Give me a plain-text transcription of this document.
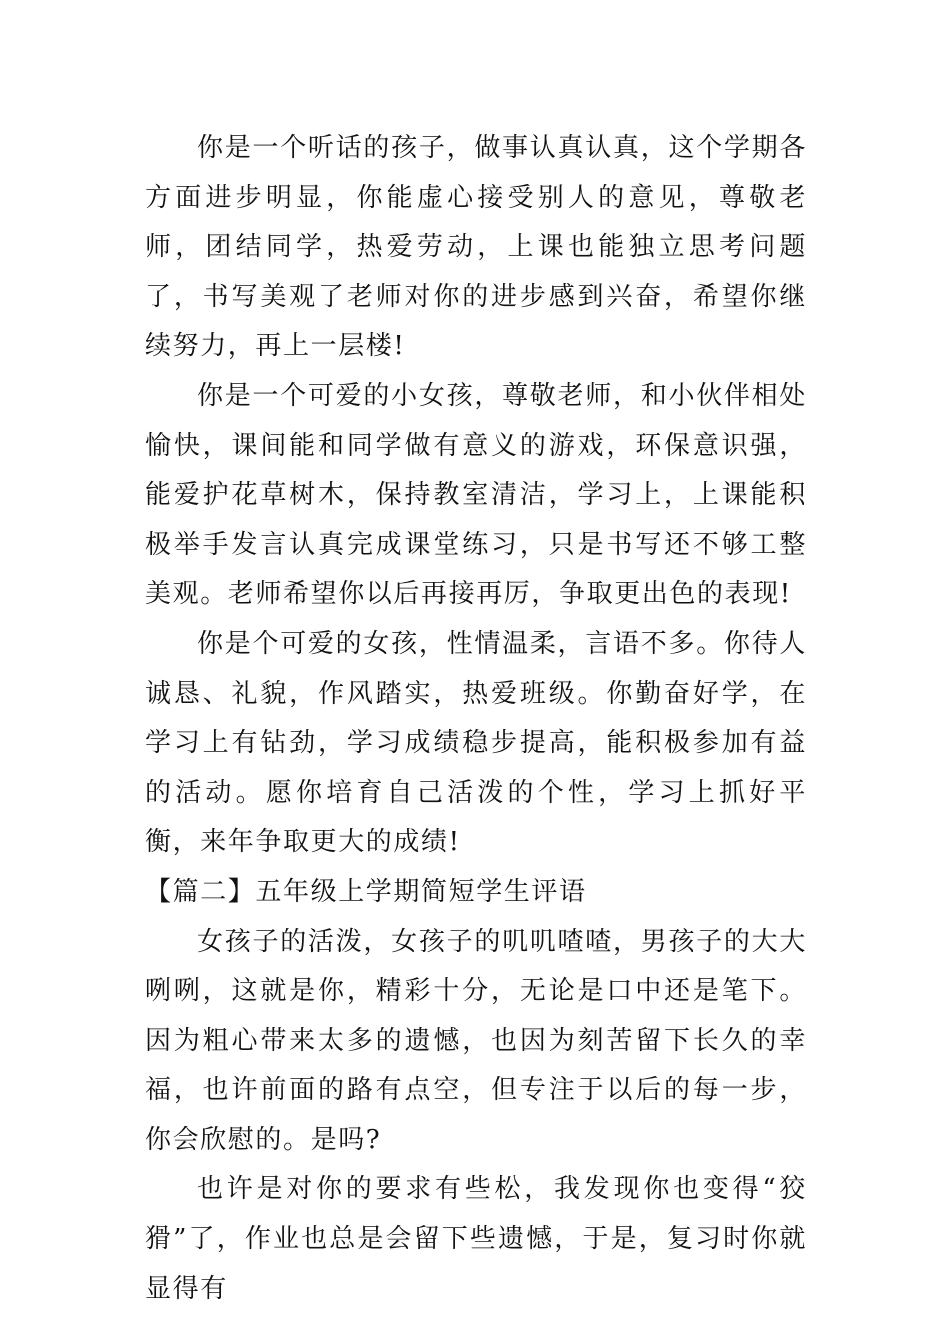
你是一个听话的孩子，做事认真认真，这个学期各方面进步明显，你能虚心接受别人的意见，尊敬老师，团结同学，热爱劳动，上课也能独立思考问题了，书写美观了老师对你的进步感到兴奋，希望你继续努力，再上一层楼!

你是一个可爱的小女孩，尊敬老师，和小伙伴相处愉快，课间能和同学做有意义的游戏，环保意识强，能爱护花草树木，保持教室清洁，学习上，上课能积极举手发言认真完成课堂练习，只是书写还不够工整美观。老师希望你以后再接再厉，争取更出色的表现!

你是个可爱的女孩，性情温柔，言语不多。你待人诚恳、礼貌，作风踏实，热爱班级。你勤奋好学，在学习上有钻劲，学习成绩稳步提高，能积极参加有益的活动。愿你培育自己活泼的个性，学习上抓好平衡，来年争取更大的成绩!

【篇二】五年级上学期简短学生评语

女孩子的活泼，女孩子的叽叽喳喳，男孩子的大大咧咧，这就是你，精彩十分，无论是口中还是笔下。因为粗心带来太多的遗憾，也因为刻苦留下长久的幸福，也许前面的路有点空，但专注于以后的每一步，你会欣慰的。是吗?

也许是对你的要求有些松，我发现你也变得“狡猾”了，作业也总是会留下些遗憾，于是，复习时你就显得有
